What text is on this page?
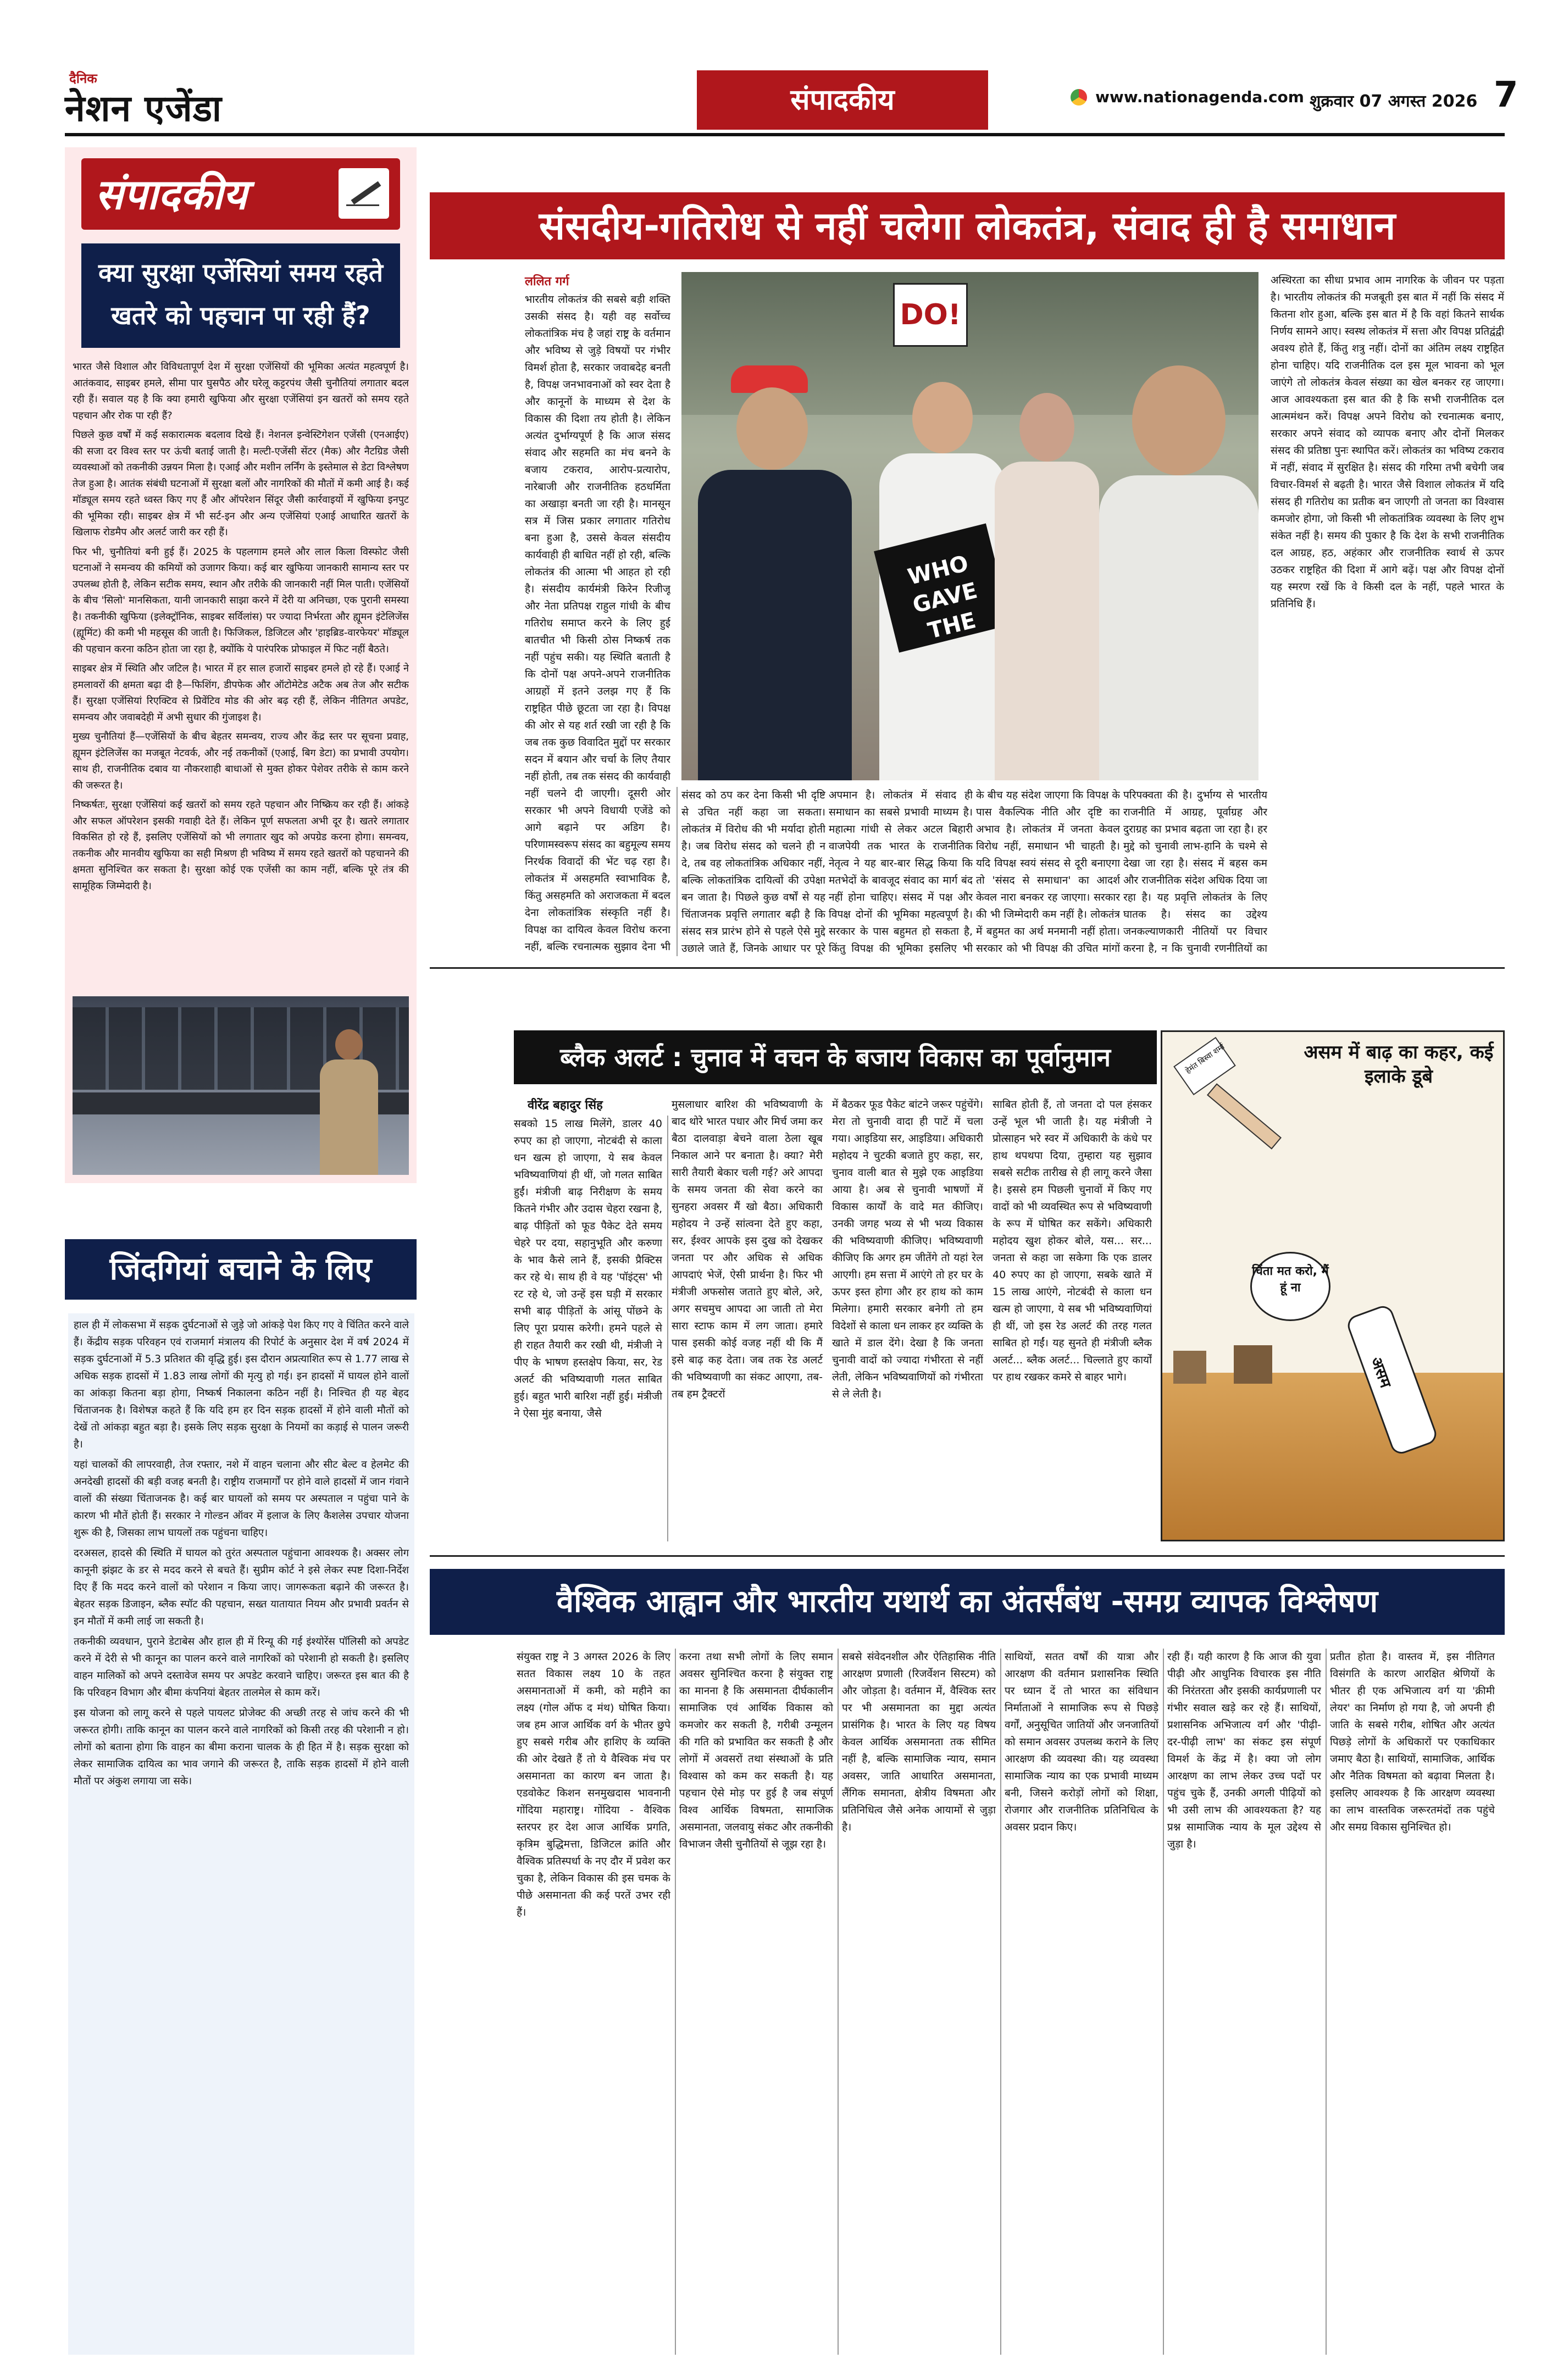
दैनिक
नेशन एजेंडा	संपादकीय	www.nationagenda.com शुक्रवार 07 अगस्त 2026 7
संपादकीय
क्या सुरक्षा एजेंसियां समय रहते खतरे को पहचान पा रही हैं?

भारत जैसे विशाल और विविधतापूर्ण देश में सुरक्षा एजेंसियों की भूमिका अत्यंत महत्वपूर्ण है। आतंकवाद, साइबर हमले, सीमा पार घुसपैठ और घरेलू कट्टरपंथ जैसी चुनौतियां लगातार बदल रही हैं। सवाल यह है कि क्या हमारी खुफिया और सुरक्षा एजेंसियां इन खतरों को समय रहते पहचान और रोक पा रही हैं?

पिछले कुछ वर्षों में कई सकारात्मक बदलाव दिखे हैं। नेशनल इन्वेस्टिगेशन एजेंसी (एनआईए) की सजा दर विश्व स्तर पर ऊंची बताई जाती है। मल्टी-एजेंसी सेंटर (मैक) और नैटग्रिड जैसी व्यवस्थाओं को तकनीकी उन्नयन मिला है। एआई और मशीन लर्निंग के इस्तेमाल से डेटा विश्लेषण तेज हुआ है। आतंक संबंधी घटनाओं में सुरक्षा बलों और नागरिकों की मौतों में कमी आई है। कई मॉड्यूल समय रहते ध्वस्त किए गए हैं और ऑपरेशन सिंदूर जैसी कार्रवाइयों में खुफिया इनपुट की भूमिका रही। साइबर क्षेत्र में भी सर्ट-इन और अन्य एजेंसियां एआई आधारित खतरों के खिलाफ रोडमैप और अलर्ट जारी कर रही हैं।

फिर भी, चुनौतियां बनी हुई हैं। 2025 के पहलगाम हमले और लाल किला विस्फोट जैसी घटनाओं ने समन्वय की कमियों को उजागर किया। कई बार खुफिया जानकारी सामान्य स्तर पर उपलब्ध होती है, लेकिन सटीक समय, स्थान और तरीके की जानकारी नहीं मिल पाती। एजेंसियों के बीच 'सिलो' मानसिकता, यानी जानकारी साझा करने में देरी या अनिच्छा, एक पुरानी समस्या है। तकनीकी खुफिया (इलेक्ट्रॉनिक, साइबर सर्विलांस) पर ज्यादा निर्भरता और ह्यूमन इंटेलिजेंस (ह्यूमिंट) की कमी भी महसूस की जाती है। फिजिकल, डिजिटल और 'हाइब्रिड-वारफेयर' मॉड्यूल की पहचान करना कठिन होता जा रहा है, क्योंकि ये पारंपरिक प्रोफाइल में फिट नहीं बैठते।

साइबर क्षेत्र में स्थिति और जटिल है। भारत में हर साल हजारों साइबर हमले हो रहे हैं। एआई ने हमलावरों की क्षमता बढ़ा दी है—फिशिंग, डीपफेक और ऑटोमेटेड अटैक अब तेज और सटीक हैं। सुरक्षा एजेंसियां रिएक्टिव से प्रिवेंटिव मोड की ओर बढ़ रही हैं, लेकिन नीतिगत अपडेट, समन्वय और जवाबदेही में अभी सुधार की गुंजाइश है।

मुख्य चुनौतियां हैं—एजेंसियों के बीच बेहतर समन्वय, राज्य और केंद्र स्तर पर सूचना प्रवाह, ह्यूमन इंटेलिजेंस का मजबूत नेटवर्क, और नई तकनीकों (एआई, बिग डेटा) का प्रभावी उपयोग। साथ ही, राजनीतिक दबाव या नौकरशाही बाधाओं से मुक्त होकर पेशेवर तरीके से काम करने की जरूरत है।

निष्कर्षतः, सुरक्षा एजेंसियां कई खतरों को समय रहते पहचान और निष्क्रिय कर रही हैं। आंकड़े और सफल ऑपरेशन इसकी गवाही देते हैं। लेकिन पूर्ण सफलता अभी दूर है। खतरे लगातार विकसित हो रहे हैं, इसलिए एजेंसियों को भी लगातार खुद को अपग्रेड करना होगा। समन्वय, तकनीक और मानवीय खुफिया का सही मिश्रण ही भविष्य में समय रहते खतरों को पहचानने की क्षमता सुनिश्चित कर सकता है। सुरक्षा कोई एक एजेंसी का काम नहीं, बल्कि पूरे तंत्र की सामूहिक जिम्मेदारी है।

संसदीय-गतिरोध से नहीं चलेगा लोकतंत्र, संवाद ही है समाधान
ललित गर्ग
भारतीय लोकतंत्र की सबसे बड़ी शक्ति उसकी संसद है। यही वह सर्वोच्च लोकतांत्रिक मंच है जहां राष्ट्र के वर्तमान और भविष्य से जुड़े विषयों पर गंभीर विमर्श होता है, सरकार जवाबदेह बनती है, विपक्ष जनभावनाओं को स्वर देता है और कानूनों के माध्यम से देश के विकास की दिशा तय होती है। लेकिन अत्यंत दुर्भाग्यपूर्ण है कि आज संसद संवाद और सहमति का मंच बनने के बजाय टकराव, आरोप-प्रत्यारोप, नारेबाजी और राजनीतिक हठधर्मिता का अखाड़ा बनती जा रही है। मानसून सत्र में जिस प्रकार लगातार गतिरोध बना हुआ है, उससे केवल संसदीय कार्यवाही ही बाधित नहीं हो रही, बल्कि लोकतंत्र की आत्मा भी आहत हो रही है। संसदीय कार्यमंत्री किरेन रिजीजू और नेता प्रतिपक्ष राहुल गांधी के बीच गतिरोध समाप्त करने के लिए हुई बातचीत भी किसी ठोस निष्कर्ष तक नहीं पहुंच सकी। यह स्थिति बताती है कि दोनों पक्ष अपने-अपने राजनीतिक आग्रहों में इतने उलझ गए हैं कि राष्ट्रहित पीछे छूटता जा रहा है। विपक्ष की ओर से यह शर्त रखी जा रही है कि जब तक कुछ विवादित मुद्दों पर सरकार सदन में बयान और चर्चा के लिए तैयार नहीं होती, तब तक संसद की कार्यवाही नहीं चलने दी जाएगी। दूसरी ओर सरकार भी अपने विधायी एजेंडे को आगे बढ़ाने पर अडिग है। परिणामस्वरूप संसद का बहुमूल्य समय निरर्थक विवादों की भेंट चढ़ रहा है। लोकतंत्र में असहमति स्वाभाविक है, किंतु असहमति को अराजकता में बदल देना लोकतांत्रिक संस्कृति नहीं है। विपक्ष का दायित्व केवल विरोध करना नहीं, बल्कि रचनात्मक सुझाव देना भी
DO!
WHO GAVE THE
संसद को ठप कर देना किसी भी दृष्टि से उचित नहीं कहा जा सकता। लोकतंत्र में विरोध की भी मर्यादा होती है। जब विरोध संसद को चलने ही न दे, तब वह लोकतांत्रिक अधिकार नहीं, बल्कि लोकतांत्रिक दायित्वों की उपेक्षा बन जाता है। पिछले कुछ वर्षों से यह चिंताजनक प्रवृत्ति लगातार बढ़ी है कि संसद सत्र प्रारंभ होने से पहले ऐसे मुद्दे उछाले जाते हैं, जिनके आधार पर पूरे
अपमान है। लोकतंत्र में संवाद ही समाधान का सबसे प्रभावी माध्यम है। महात्मा गांधी से लेकर अटल बिहारी वाजपेयी तक भारत के राजनीतिक नेतृत्व ने यह बार-बार सिद्ध किया कि मतभेदों के बावजूद संवाद का मार्ग बंद नहीं होना चाहिए। संसद में पक्ष और विपक्ष दोनों की भूमिका महत्वपूर्ण है। सरकार के पास बहुमत हो सकता है, किंतु विपक्ष की भूमिका इसलिए भी
के बीच यह संदेश जाएगा कि विपक्ष के पास वैकल्पिक नीति और दृष्टि का अभाव है। लोकतंत्र में जनता केवल विरोध नहीं, समाधान भी चाहती है। यदि विपक्ष स्वयं संसद से दूरी बनाएगा तो 'संसद से समाधान' का आदर्श केवल नारा बनकर रह जाएगा। सरकार की भी जिम्मेदारी कम नहीं है। लोकतंत्र में बहुमत का अर्थ मनमानी नहीं होता। सरकार को भी विपक्ष की उचित मांगों
परिपक्वता की है। दुर्भाग्य से भारतीय राजनीति में आग्रह, पूर्वाग्रह और दुराग्रह का प्रभाव बढ़ता जा रहा है। हर मुद्दे को चुनावी लाभ-हानि के चश्मे से देखा जा रहा है। संसद में बहस कम और राजनीतिक संदेश अधिक दिया जा रहा है। यह प्रवृत्ति लोकतंत्र के लिए घातक है। संसद का उद्देश्य जनकल्याणकारी नीतियों पर विचार करना है, न कि चुनावी रणनीतियों का
अस्थिरता का सीधा प्रभाव आम नागरिक के जीवन पर पड़ता है। भारतीय लोकतंत्र की मजबूती इस बात में नहीं कि संसद में कितना शोर हुआ, बल्कि इस बात में है कि वहां कितने सार्थक निर्णय सामने आए। स्वस्थ लोकतंत्र में सत्ता और विपक्ष प्रतिद्वंद्वी अवश्य होते हैं, किंतु शत्रु नहीं। दोनों का अंतिम लक्ष्य राष्ट्रहित होना चाहिए। यदि राजनीतिक दल इस मूल भावना को भूल जाएंगे तो लोकतंत्र केवल संख्या का खेल बनकर रह जाएगा। आज आवश्यकता इस बात की है कि सभी राजनीतिक दल आत्ममंथन करें। विपक्ष अपने विरोध को रचनात्मक बनाए, सरकार अपने संवाद को व्यापक बनाए और दोनों मिलकर संसद की प्रतिष्ठा पुनः स्थापित करें। लोकतंत्र का भविष्य टकराव में नहीं, संवाद में सुरक्षित है। संसद की गरिमा तभी बचेगी जब विचार-विमर्श से बढ़ती है। भारत जैसे विशाल लोकतंत्र में यदि संसद ही गतिरोध का प्रतीक बन जाएगी तो जनता का विश्वास कमजोर होगा, जो किसी भी लोकतांत्रिक व्यवस्था के लिए शुभ संकेत नहीं है। समय की पुकार है कि देश के सभी राजनीतिक दल आग्रह, हठ, अहंकार और राजनीतिक स्वार्थ से ऊपर उठकर राष्ट्रहित की दिशा में आगे बढ़ें। पक्ष और विपक्ष दोनों यह स्मरण रखें कि वे किसी दल के नहीं, पहले भारत के प्रतिनिधि हैं।
जिंदगियां बचाने के लिए

हाल ही में लोकसभा में सड़क दुर्घटनाओं से जुड़े जो आंकड़े पेश किए गए वे चिंतित करने वाले हैं। केंद्रीय सड़क परिवहन एवं राजमार्ग मंत्रालय की रिपोर्ट के अनुसार देश में वर्ष 2024 में सड़क दुर्घटनाओं में 5.3 प्रतिशत की वृद्धि हुई। इस दौरान अप्रत्याशित रूप से 1.77 लाख से अधिक सड़क हादसों में 1.83 लाख लोगों की मृत्यु हो गई। इन हादसों में घायल होने वालों का आंकड़ा कितना बड़ा होगा, निष्कर्ष निकालना कठिन नहीं है। निश्चित ही यह बेहद चिंताजनक है। विशेषज्ञ कहते हैं कि यदि हम हर दिन सड़क हादसों में होने वाली मौतों को देखें तो आंकड़ा बहुत बड़ा है। इसके लिए सड़क सुरक्षा के नियमों का कड़ाई से पालन जरूरी है।

यहां चालकों की लापरवाही, तेज रफ्तार, नशे में वाहन चलाना और सीट बेल्ट व हेलमेट की अनदेखी हादसों की बड़ी वजह बनती है। राष्ट्रीय राजमार्गों पर होने वाले हादसों में जान गंवाने वालों की संख्या चिंताजनक है। कई बार घायलों को समय पर अस्पताल न पहुंचा पाने के कारण भी मौतें होती हैं। सरकार ने गोल्डन ऑवर में इलाज के लिए कैशलेस उपचार योजना शुरू की है, जिसका लाभ घायलों तक पहुंचना चाहिए।

दरअसल, हादसे की स्थिति में घायल को तुरंत अस्पताल पहुंचाना आवश्यक है। अक्सर लोग कानूनी झंझट के डर से मदद करने से बचते हैं। सुप्रीम कोर्ट ने इसे लेकर स्पष्ट दिशा-निर्देश दिए हैं कि मदद करने वालों को परेशान न किया जाए। जागरूकता बढ़ाने की जरूरत है। बेहतर सड़क डिजाइन, ब्लैक स्पॉट की पहचान, सख्त यातायात नियम और प्रभावी प्रवर्तन से इन मौतों में कमी लाई जा सकती है।

तकनीकी व्यवधान, पुराने डेटाबेस और हाल ही में रिन्यू की गई इंश्योरेंस पॉलिसी को अपडेट करने में देरी से भी कानून का पालन करने वाले नागरिकों को परेशानी हो सकती है। इसलिए वाहन मालिकों को अपने दस्तावेज समय पर अपडेट करवाने चाहिए। जरूरत इस बात की है कि परिवहन विभाग और बीमा कंपनियां बेहतर तालमेल से काम करें।

इस योजना को लागू करने से पहले पायलट प्रोजेक्ट की अच्छी तरह से जांच करने की भी जरूरत होगी। ताकि कानून का पालन करने वाले नागरिकों को किसी तरह की परेशानी न हो। लोगों को बताना होगा कि वाहन का बीमा कराना चालक के ही हित में है। सड़क सुरक्षा को लेकर सामाजिक दायित्व का भाव जगाने की जरूरत है, ताकि सड़क हादसों में होने वाली मौतों पर अंकुश लगाया जा सके।

ब्लैक अलर्ट : चुनाव में वचन के बजाय विकास का पूर्वानुमान
वीरेंद्र बहादुर सिंह
सबको 15 लाख मिलेंगे, डालर 40 रुपए का हो जाएगा, नोटबंदी से काला धन खत्म हो जाएगा, ये सब केवल भविष्यवाणियां ही थीं, जो गलत साबित हुईं। मंत्रीजी बाढ़ निरीक्षण के समय कितने गंभीर और उदास चेहरा रखना है, बाढ़ पीड़ितों को फूड पैकेट देते समय चेहरे पर दया, सहानुभूति और करुणा के भाव कैसे लाने हैं, इसकी प्रैक्टिस कर रहे थे। साथ ही वे यह 'पॉइंट्स' भी रट रहे थे, जो उन्हें इस घड़ी में सरकार सभी बाढ़ पीड़ितों के आंसू पोंछने के लिए पूरा प्रयास करेगी। हमने पहले से ही राहत तैयारी कर रखी थी, मंत्रीजी ने पीए के भाषण हस्तक्षेप किया, सर, रेड अलर्ट की भविष्यवाणी गलत साबित हुई। बहुत भारी बारिश नहीं हुई। मंत्रीजी ने ऐसा मुंह बनाया, जैसे
मुसलाधार बारिश की भविष्यवाणी के बाद थोरे भारत पधार और मिर्च जमा कर बैठा दालवाड़ा बेचने वाला ठेला खूब निकाल आने पर बनाता है। क्या? मेरी सारी तैयारी बेकार चली गई? अरे आपदा के समय जनता की सेवा करने का सुनहरा अवसर मैं खो बैठा। अधिकारी महोदय ने उन्हें सांत्वना देते हुए कहा, सर, ईश्वर आपके इस दुख को देखकर जनता पर और अधिक से अधिक आपदाएं भेजें, ऐसी प्रार्थना है। फिर भी मंत्रीजी अफसोस जताते हुए बोले, अरे, अगर सचमुच आपदा आ जाती तो मेरा सारा स्टाफ काम में लग जाता। हमारे पास इसकी कोई वजह नहीं थी कि मैं इसे बाढ़ कह देता। जब तक रेड अलर्ट की भविष्यवाणी का संकट आएगा, तब-तब हम ट्रैक्टरों
में बैठकर फूड पैकेट बांटने जरूर पहुंचेंगे। मेरा तो चुनावी वादा ही पाटें में चला गया। आइडिया सर, आइडिया। अधिकारी महोदय ने चुटकी बजाते हुए कहा, सर, चुनाव वाली बात से मुझे एक आइडिया आया है। अब से चुनावी भाषणों में विकास कार्यों के वादे मत कीजिए। उनकी जगह भव्य से भी भव्य विकास की भविष्यवाणी कीजिए। भविष्यवाणी कीजिए कि अगर हम जीतेंगे तो यहां रेल आएगी। हम सत्ता में आएंगे तो हर घर के ऊपर इस्त होगा और हर हाथ को काम मिलेगा। हमारी सरकार बनेगी तो हम विदेशों से काला धन लाकर हर व्यक्ति के खाते में डाल देंगे। देखा है कि जनता चुनावी वादों को ज्यादा गंभीरता से नहीं लेती, लेकिन भविष्यवाणियों को गंभीरता से ले लेती है।
साबित होती हैं, तो जनता दो पल हंसकर उन्हें भूल भी जाती है। यह मंत्रीजी ने प्रोत्साहन भरे स्वर में अधिकारी के कंधे पर हाथ थपथपा दिया, तुम्हारा यह सुझाव सबसे सटीक तारीख से ही लागू करने जैसा है। इससे हम पिछली चुनावों में किए गए वादों को भी व्यवस्थित रूप से भविष्यवाणी के रूप में घोषित कर सकेंगे। अधिकारी महोदय खुश होकर बोले, यस... सर... जनता से कहा जा सकेगा कि एक डालर 40 रुपए का हो जाएगा, सबके खाते में 15 लाख आएंगे, नोटबंदी से काला धन खत्म हो जाएगा, ये सब भी भविष्यवाणियां ही थीं, जो इस रेड अलर्ट की तरह गलत साबित हो गईं। यह सुनते ही मंत्रीजी ब्लैक अलर्ट... ब्लैक अलर्ट... चिल्लाते हुए कार्यों पर हाथ रखकर कमरे से बाहर भागे।
असम में बाढ़ का कहर, कई इलाके डूबे
हेमंत बिस्वा शर्मा
चिंता मत करो, मैं हूं ना
असम
वैश्विक आह्वान और भारतीय यथार्थ का अंतर्संबंध -समग्र व्यापक विश्लेषण
संयुक्त राष्ट्र ने 3 अगस्त 2026 के लिए सतत विकास लक्ष्य 10 के तहत असमानताओं में कमी, को महीने का लक्ष्य (गोल ऑफ द मंथ) घोषित किया। जब हम आज आर्थिक वर्ग के भीतर छुपे हुए सबसे गरीब और हाशिए के व्यक्ति की ओर देखते हैं तो ये वैश्विक मंच पर असमानता का कारण बन जाता है। एडवोकेट किशन सनमुखदास भावनानी गोंदिया महाराष्ट्र। गोंदिया - वैश्विक स्तरपर हर देश आज आर्थिक प्रगति, कृत्रिम बुद्धिमत्ता, डिजिटल क्रांति और वैश्विक प्रतिस्पर्धा के नए दौर में प्रवेश कर चुका है, लेकिन विकास की इस चमक के पीछे असमानता की कई परतें उभर रही हैं।
करना तथा सभी लोगों के लिए समान अवसर सुनिश्चित करना है संयुक्त राष्ट्र का मानना है कि असमानता दीर्घकालीन सामाजिक एवं आर्थिक विकास को कमजोर कर सकती है, गरीबी उन्मूलन की गति को प्रभावित कर सकती है और लोगों में अवसरों तथा संस्थाओं के प्रति विश्वास को कम कर सकती है। यह पहचान ऐसे मोड़ पर हुई है जब संपूर्ण विश्व आर्थिक विषमता, सामाजिक असमानता, जलवायु संकट और तकनीकी विभाजन जैसी चुनौतियों से जूझ रहा है।
सबसे संवेदनशील और ऐतिहासिक नीति आरक्षण प्रणाली (रिजर्वेशन सिस्टम) को और जोड़ता है। वर्तमान में, वैश्विक स्तर पर भी असमानता का मुद्दा अत्यंत प्रासंगिक है। भारत के लिए यह विषय केवल आर्थिक असमानता तक सीमित नहीं है, बल्कि सामाजिक न्याय, समान अवसर, जाति आधारित असमानता, लैंगिक समानता, क्षेत्रीय विषमता और प्रतिनिधित्व जैसे अनेक आयामों से जुड़ा है।
साथियों, सतत वर्षों की यात्रा और आरक्षण की वर्तमान प्रशासनिक स्थिति पर ध्यान दें तो भारत का संविधान निर्माताओं ने सामाजिक रूप से पिछड़े वर्गों, अनुसूचित जातियों और जनजातियों को समान अवसर उपलब्ध कराने के लिए आरक्षण की व्यवस्था की। यह व्यवस्था सामाजिक न्याय का एक प्रभावी माध्यम बनी, जिसने करोड़ों लोगों को शिक्षा, रोजगार और राजनीतिक प्रतिनिधित्व के अवसर प्रदान किए।
रही हैं। यही कारण है कि आज की युवा पीढ़ी और आधुनिक विचारक इस नीति की निरंतरता और इसकी कार्यप्रणाली पर गंभीर सवाल खड़े कर रहे हैं। साथियों, प्रशासनिक अभिजात्य वर्ग और 'पीढ़ी-दर-पीढ़ी लाभ' का संकट इस संपूर्ण विमर्श के केंद्र में है। क्या जो लोग आरक्षण का लाभ लेकर उच्च पदों पर पहुंच चुके हैं, उनकी अगली पीढ़ियों को भी उसी लाभ की आवश्यकता है? यह प्रश्न सामाजिक न्याय के मूल उद्देश्य से जुड़ा है।
प्रतीत होता है। वास्तव में, इस नीतिगत विसंगति के कारण आरक्षित श्रेणियों के भीतर ही एक अभिजात्य वर्ग या 'क्रीमी लेयर' का निर्माण हो गया है, जो अपनी ही जाति के सबसे गरीब, शोषित और अत्यंत पिछड़े लोगों के अधिकारों पर एकाधिकार जमाए बैठा है। साथियों, सामाजिक, आर्थिक और नैतिक विषमता को बढ़ावा मिलता है। इसलिए आवश्यक है कि आरक्षण व्यवस्था का लाभ वास्तविक जरूरतमंदों तक पहुंचे और समग्र विकास सुनिश्चित हो।
